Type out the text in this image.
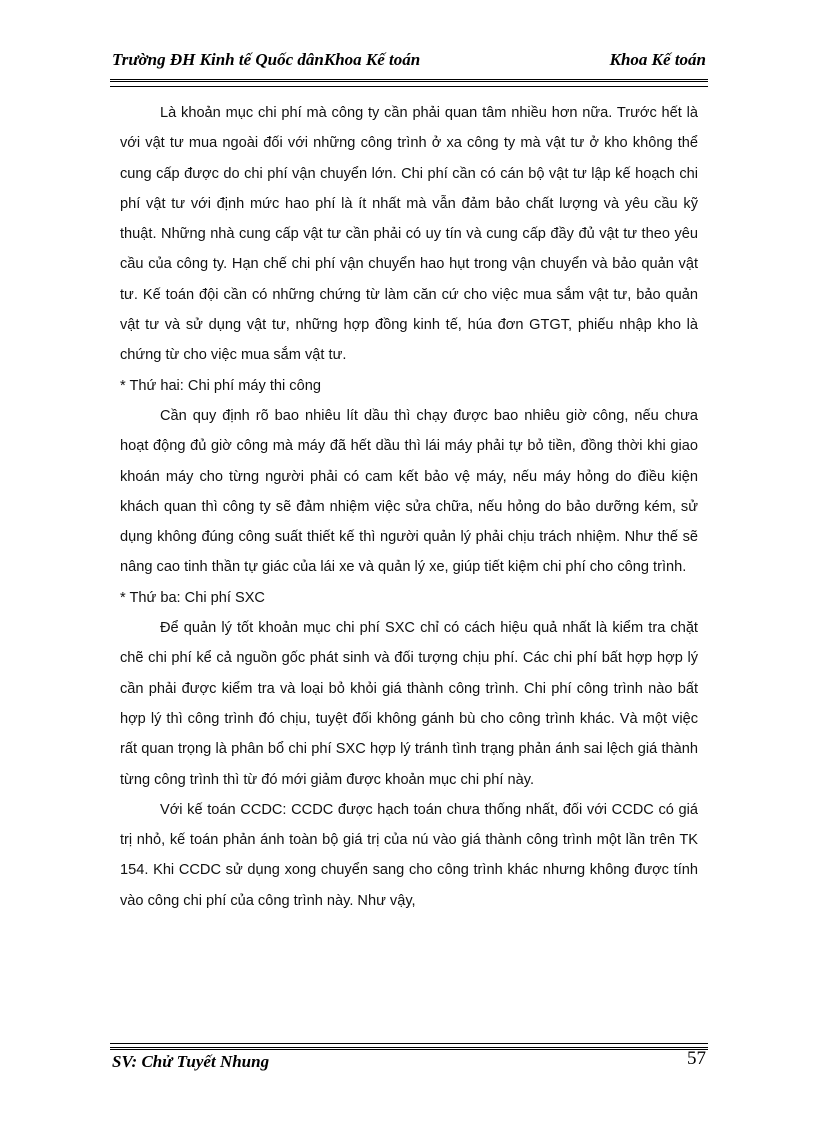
Trường ĐH Kinh tế Quốc dânKhoa Kế toán	Khoa Kế toán

Là khoản mục chi phí mà công ty cần phải quan tâm nhiều hơn nữa. Trước hết là với vật tư mua ngoài đối với những công trình ở xa công ty mà vật tư ở kho không thể cung cấp được do chi phí vận chuyển lớn. Chi phí cần có cán bộ vật tư lập kế hoạch chi phí vật tư với định mức hao phí là ít nhất mà vẫn đảm bảo chất lượng và yêu cầu kỹ thuật. Những nhà cung cấp vật tư cần phải có uy tín và cung cấp đầy đủ vật tư theo yêu cầu của công ty. Hạn chế chi phí vận chuyển hao hụt trong vận chuyển và bảo quản vật tư. Kế toán đội cần có những chứng từ làm căn cứ cho việc mua sắm vật tư, bảo quản vật tư và sử dụng vật tư, những hợp đồng kinh tế, húa đơn GTGT, phiếu nhập kho là chứng từ cho việc mua sắm vật tư.

* Thứ hai: Chi phí máy thi công

Cần quy định rõ bao nhiêu lít dầu thì chạy được bao nhiêu giờ công, nếu chưa hoạt động đủ giờ công mà máy đã hết dầu thì lái máy phải tự bỏ tiền, đồng thời khi giao khoán máy cho từng người phải có cam kết bảo vệ máy, nếu máy hỏng do điều kiện khách quan thì công ty sẽ đảm nhiệm việc sửa chữa, nếu hỏng do bảo dưỡng kém, sử dụng không đúng công suất thiết kế thì người quản lý phải chịu trách nhiệm. Như thế sẽ nâng cao tinh thần tự giác của lái xe và quản lý xe, giúp tiết kiệm chi phí cho công trình.

* Thứ ba: Chi phí SXC

Để quản lý tốt khoản mục chi phí SXC chỉ có cách hiệu quả nhất là kiểm tra chặt chẽ chi phí kể cả nguồn gốc phát sinh và đối tượng chịu phí. Các chi phí bất hợp hợp lý cần phải được kiểm tra và loại bỏ khỏi giá thành công trình. Chi phí công trình nào bất hợp lý thì công trình đó chịu, tuyệt đối không gánh bù cho công trình khác. Và một việc rất quan trọng là phân bổ chi phí SXC hợp lý tránh tình trạng phản ánh sai lệch giá thành từng công trình thì từ đó mới giảm được khoản mục chi phí này.

Với kế toán CCDC: CCDC được hạch toán chưa thống nhất, đối với CCDC có giá trị nhỏ, kế toán phản ánh toàn bộ giá trị của nú vào giá thành công trình một lần trên TK 154. Khi CCDC sử dụng xong chuyển sang cho công trình khác nhưng không được tính vào công chi phí của công trình này. Như vậy,

SV: Chử Tuyết Nhung	57
